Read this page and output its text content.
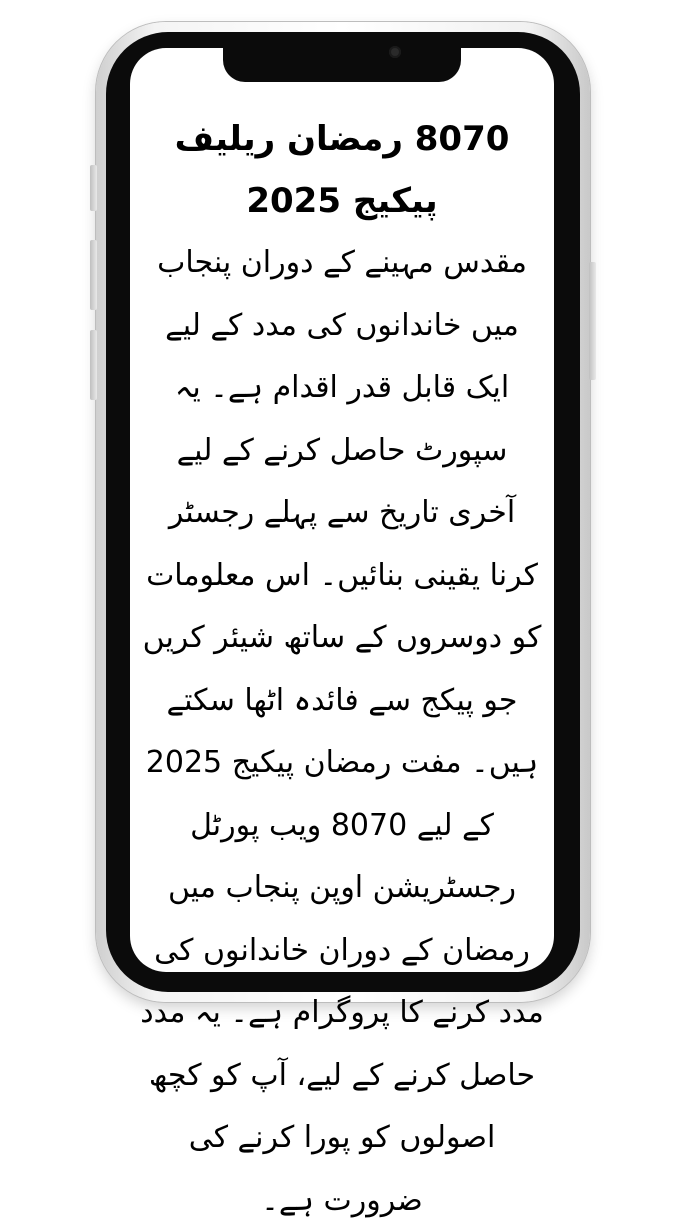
8070 رمضان ریلیف پیکیج 2025

مقدس مہینے کے دوران پنجاب میں خاندانوں کی مدد کے لیے ایک قابل قدر اقدام ہے۔ یہ سپورٹ حاصل کرنے کے لیے آخری تاریخ سے پہلے رجسٹر کرنا یقینی بنائیں۔ اس معلومات کو دوسروں کے ساتھ شیئر کریں جو پیکج سے فائدہ اٹھا سکتے ہیں۔ مفت رمضان پیکیج 2025 کے لیے 8070 ویب پورٹل رجسٹریشن اوپن پنجاب میں رمضان کے دوران خاندانوں کی مدد کرنے کا پروگرام ہے۔ یہ مدد حاصل کرنے کے لیے، آپ کو کچھ اصولوں کو پورا کرنے کی ضرورت ہے۔
